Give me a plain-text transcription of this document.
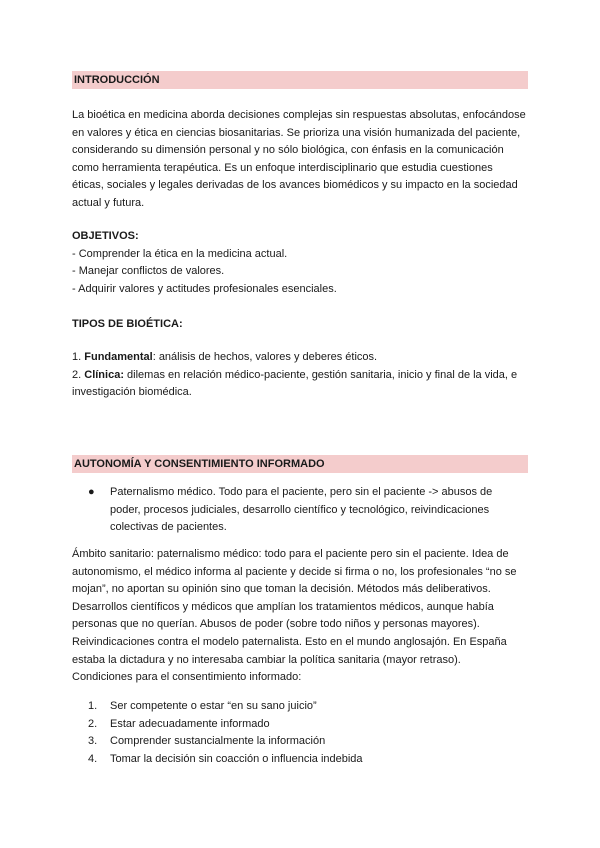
INTRODUCCIÓN
La bioética en medicina aborda decisiones complejas sin respuestas absolutas, enfocándose
en valores y ética en ciencias biosanitarias. Se prioriza una visión humanizada del paciente,
considerando su dimensión personal y no sólo biológica, con énfasis en la comunicación
como herramienta terapéutica. Es un enfoque interdisciplinario que estudia cuestiones
éticas, sociales y legales derivadas de los avances biomédicos y su impacto en la sociedad
actual y futura.
OBJETIVOS:
- Comprender la ética en la medicina actual.
- Manejar conflictos de valores.
- Adquirir valores y actitudes profesionales esenciales.
TIPOS DE BIOÉTICA:
1. Fundamental: análisis de hechos, valores y deberes éticos.
2. Clínica: dilemas en relación médico-paciente, gestión sanitaria, inicio y final de la vida, e
investigación biomédica.
AUTONOMÍA Y CONSENTIMIENTO INFORMADO
● Paternalismo médico. Todo para el paciente, pero sin el paciente -> abusos de
poder, procesos judiciales, desarrollo científico y tecnológico, reivindicaciones
colectivas de pacientes.
Ámbito sanitario: paternalismo médico: todo para el paciente pero sin el paciente. Idea de
autonomismo, el médico informa al paciente y decide si firma o no, los profesionales “no se
mojan”, no aportan su opinión sino que toman la decisión. Métodos más deliberativos.
Desarrollos científicos y médicos que amplían los tratamientos médicos, aunque había
personas que no querían. Abusos de poder (sobre todo niños y personas mayores).
Reivindicaciones contra el modelo paternalista. Esto en el mundo anglosajón. En España
estaba la dictadura y no interesaba cambiar la política sanitaria (mayor retraso).
Condiciones para el consentimiento informado:
1. Ser competente o estar “en su sano juicio”
2. Estar adecuadamente informado
3. Comprender sustancialmente la información
4. Tomar la decisión sin coacción o influencia indebida
